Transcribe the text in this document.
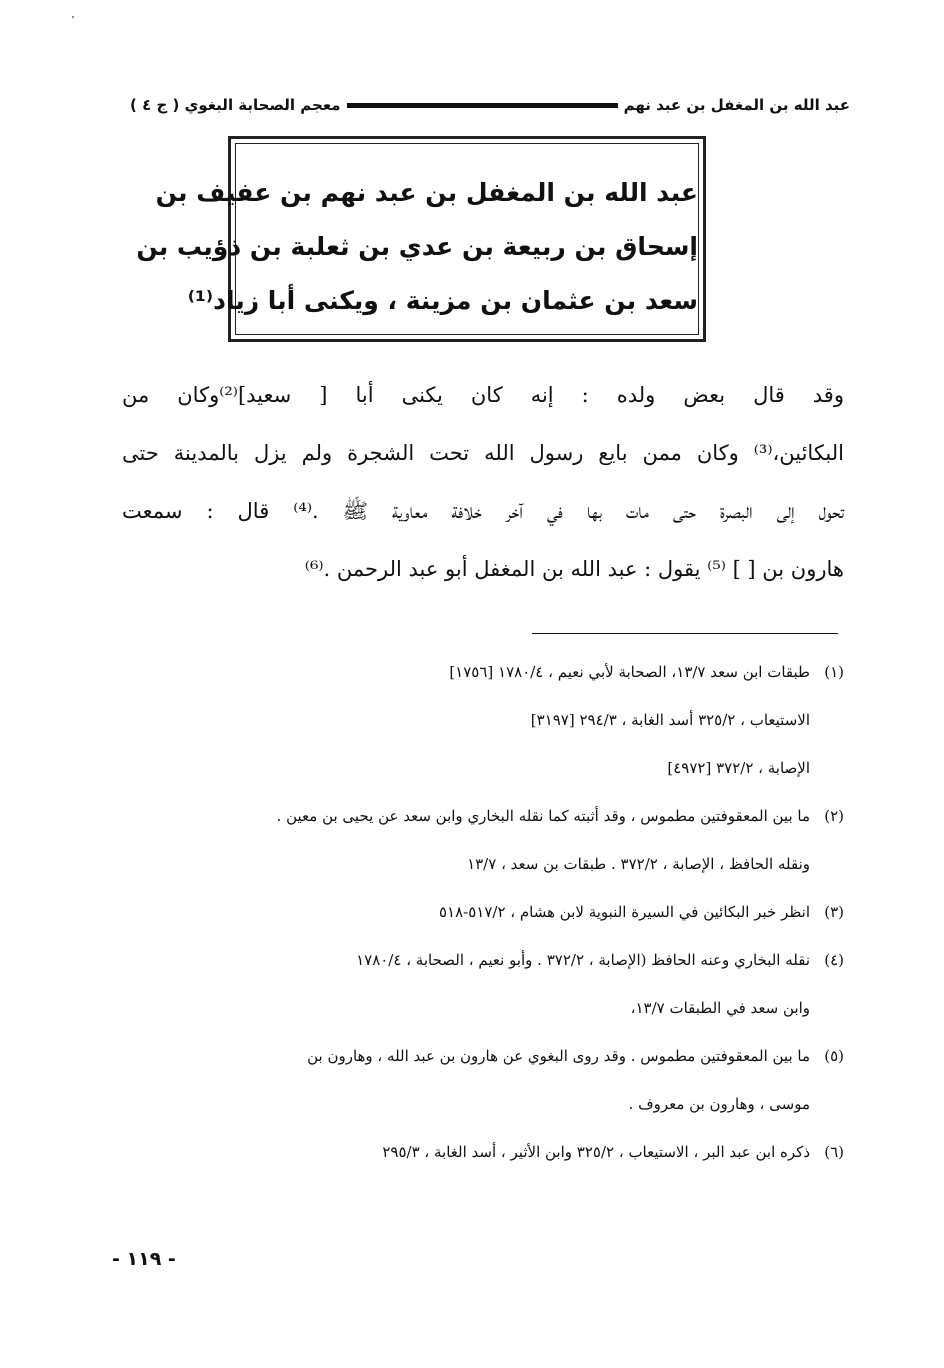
عبد الله بن المغفل بن عبد نهم
معجم الصحابة البغوي ( ج ٤ )
عبد الله بن المغفل بن عبد نهم بن عفيف بن
إسحاق بن ربيعة بن عدي بن ثعلبة بن ذؤيب بن
سعد بن عثمان بن مزينة ، ويكنى أبا زياد⁽¹⁾
وقد قال بعض ولده : إنه كان يكنى أبا [ سعيد]⁽²⁾وكان من
البكائين،⁽³⁾ وكان ممن بايع رسول الله تحت الشجرة ولم يزل بالمدينة حتى
تحول إلى البصرة حتى مات بها في آخر خلافة معاوية ﷺ .⁽⁴⁾ قال : سمعت
هارون بن [ ] ⁽⁵⁾ يقول : عبد الله بن المغفل أبو عبد الرحمن .⁽⁶⁾
(١)طبقات ابن سعد ١٣/٧، الصحابة لأبي نعيم ، ١٧٨٠/٤ [١٧٥٦]
الاستيعاب ، ٣٢٥/٢ أسد الغابة ، ٢٩٤/٣ [٣١٩٧]
الإصابة ، ٣٧٢/٢ [٤٩٧٢]
(٢)ما بين المعقوفتين مطموس ، وقد أثبته كما نقله البخاري وابن سعد عن يحيى بن معين .
ونقله الحافظ ، الإصابة ، ٣٧٢/٢ . طبقات بن سعد ، ١٣/٧
(٣)انظر خبر البكائين في السيرة النبوية لابن هشام ، ٥١٧/٢-٥١٨
(٤)نقله البخاري وعنه الحافظ (الإصابة ، ٣٧٢/٢ . وأبو نعيم ، الصحابة ، ١٧٨٠/٤
وابن سعد في الطبقات ١٣/٧،
(٥)ما بين المعقوفتين مطموس . وقد روى البغوي عن هارون بن عبد الله ، وهارون بن
موسى ، وهارون بن معروف .
(٦)ذكره ابن عبد البر ، الاستيعاب ، ٣٢٥/٢ وابن الأثير ، أسد الغابة ، ٢٩٥/٣
- ١١٩ -
